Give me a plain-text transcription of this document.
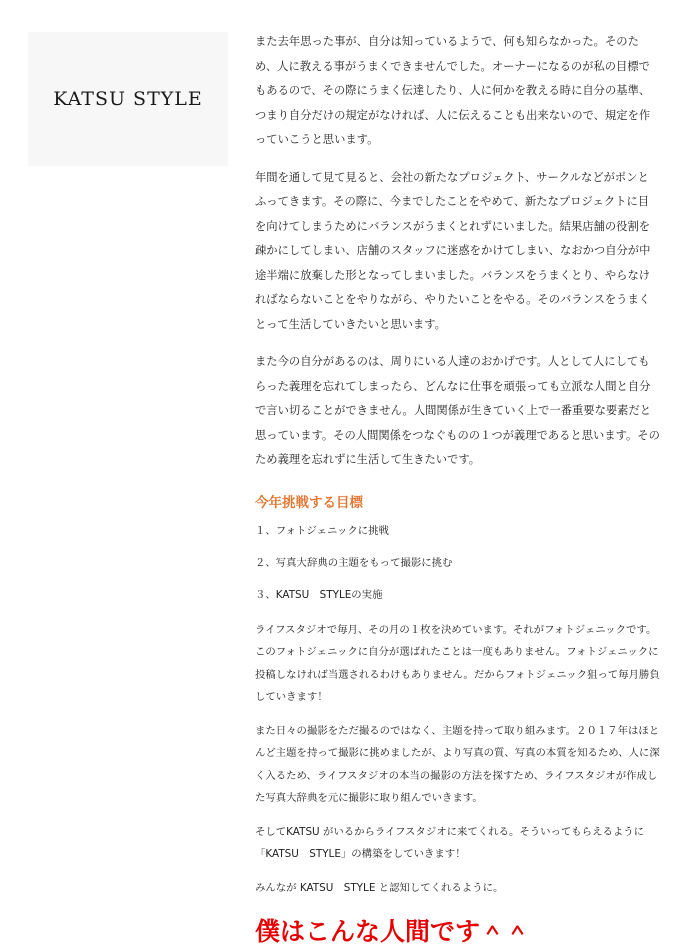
KATSU STYLE

また去年思った事が、自分は知っているようで、何も知らなかった。そのため、人に教える事がうまくできませんでした。オーナーになるのが私の目標でもあるので、その際にうまく伝達したり、人に何かを教える時に自分の基準、つまり自分だけの規定がなければ、人に伝えることも出来ないので、規定を作っていこうと思います。

年間を通して見て見ると、会社の新たなプロジェクト、サークルなどがポンとふってきます。その際に、今までしたことをやめて、新たなプロジェクトに目を向けてしまうためにバランスがうまくとれずにいました。結果店舗の役割を疎かにしてしまい、店舗のスタッフに迷惑をかけてしまい、なおかつ自分が中途半端に放棄した形となってしまいました。バランスをうまくとり、やらなければならないことをやりながら、やりたいことをやる。そのバランスをうまくとって生活していきたいと思います。

また今の自分があるのは、周りにいる人達のおかげです。人として人にしてもらった義理を忘れてしまったら、どんなに仕事を頑張っても立派な人間と自分で言い切ることができません。人間関係が生きていく上で一番重要な要素だと思っています。その人間関係をつなぐものの１つが義理であると思います。そのため義理を忘れずに生活して生きたいです。

今年挑戦する目標

１、フォトジェニックに挑戦

２、写真大辞典の主題をもって撮影に挑む

３、KATSU　STYLEの実施

ライフスタジオで毎月、その月の１枚を決めています。それがフォトジェニックです。このフォトジェニックに自分が選ばれたことは一度もありません。フォトジェニックに投稿しなければ当選されるわけもありません。だからフォトジェニック狙って毎月勝負していきます！

また日々の撮影をただ撮るのではなく、主題を持って取り組みます。２０１７年はほとんど主題を持って撮影に挑めましたが、より写真の質、写真の本質を知るため、人に深く入るため、ライフスタジオの本当の撮影の方法を探すため、ライフスタジオが作成した写真大辞典を元に撮影に取り組んでいきます。

そしてKATSU がいるからライフスタジオに来てくれる。そういってもらえるように「KATSU　STYLE」の構築をしていきます！

みんなが KATSU　STYLE と認知してくれるように。

僕はこんな人間です＾＾
